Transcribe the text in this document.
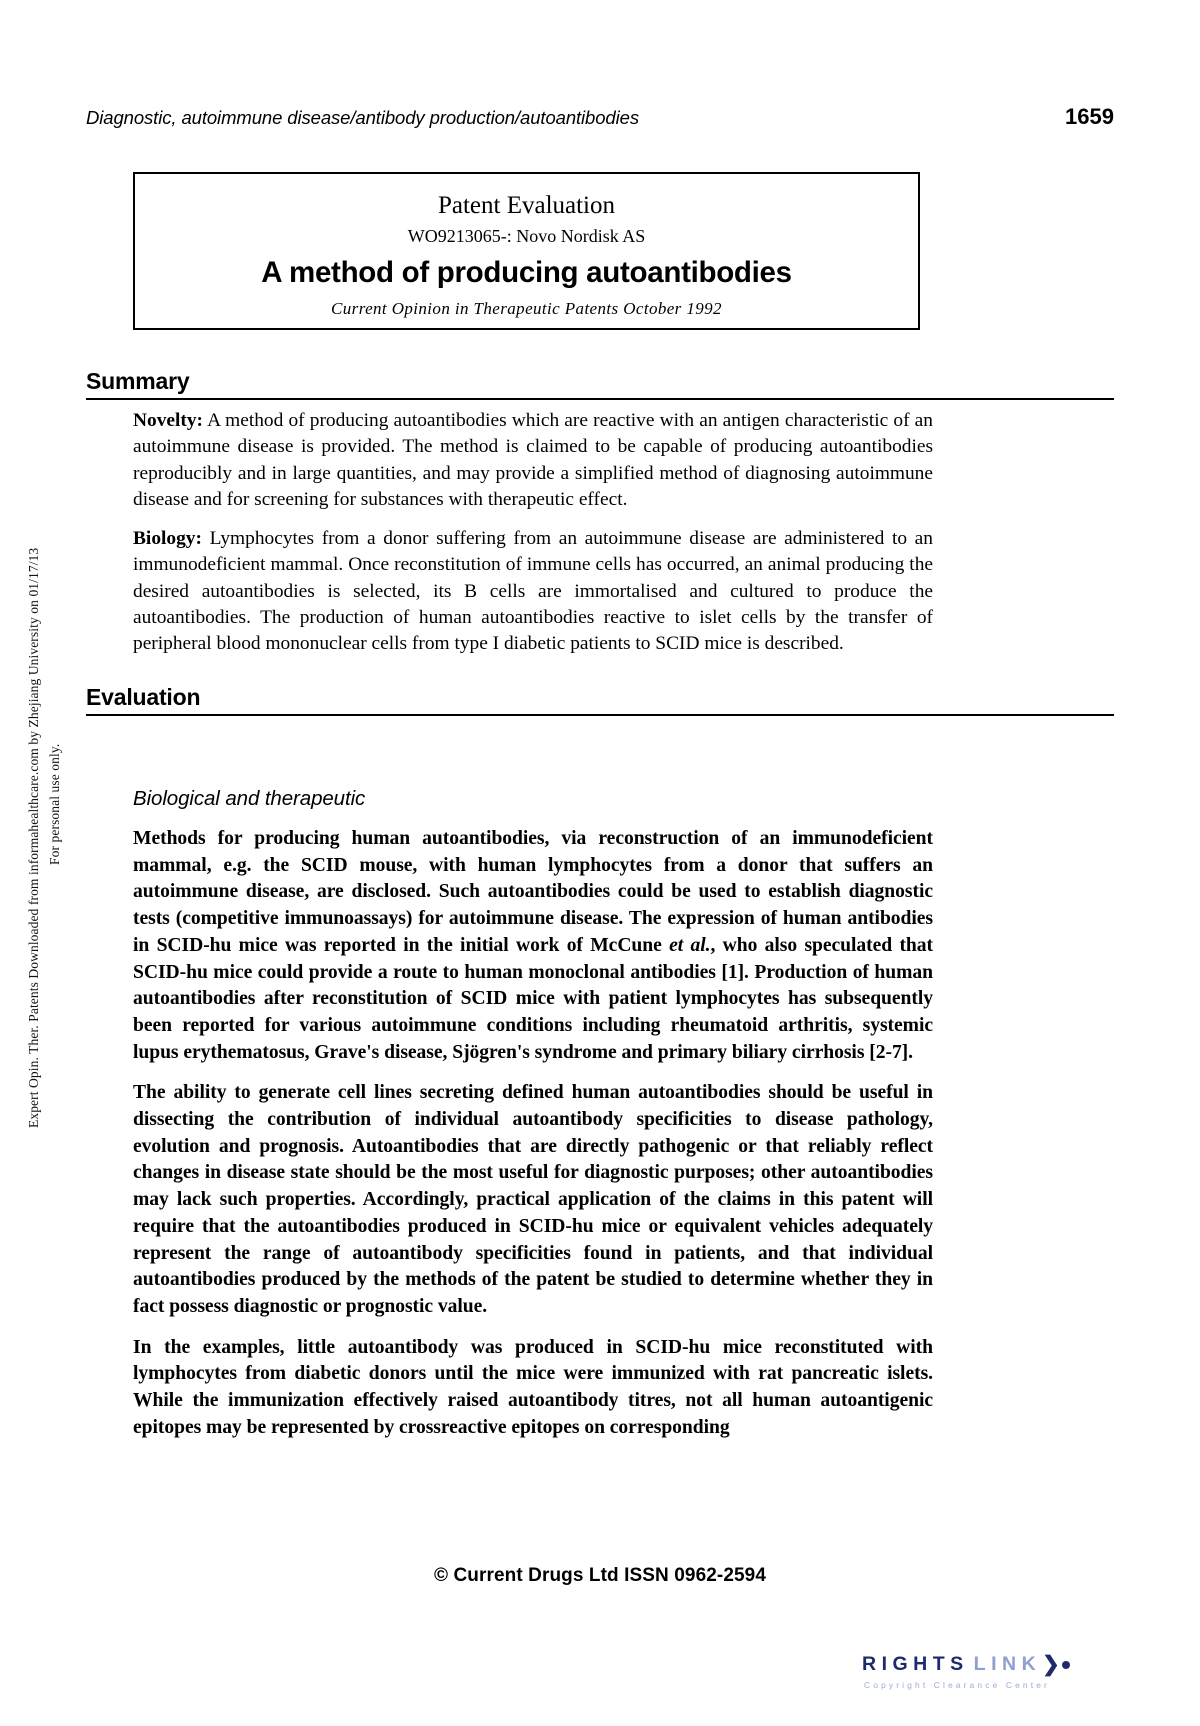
Expert Opin. Ther. Patents Downloaded from informahealthcare.com by Zhejiang University on 01/17/13 For personal use only.
Diagnostic, autoimmune disease/antibody production/autoantibodies	1659
Patent Evaluation
WO9213065-: Novo Nordisk AS
A method of producing autoantibodies
Current Opinion in Therapeutic Patents October 1992
Summary

Novelty: A method of producing autoantibodies which are reactive with an antigen characteristic of an autoimmune disease is provided. The method is claimed to be capable of producing autoantibodies reproducibly and in large quantities, and may provide a simplified method of diagnosing autoimmune disease and for screening for substances with therapeutic effect.

Biology: Lymphocytes from a donor suffering from an autoimmune disease are administered to an immunodeficient mammal. Once reconstitution of immune cells has occurred, an animal producing the desired autoantibodies is selected, its B cells are immortalised and cultured to produce the autoantibodies. The production of human autoantibodies reactive to islet cells by the transfer of peripheral blood mononuclear cells from type I diabetic patients to SCID mice is described.

Evaluation
Biological and therapeutic

Methods for producing human autoantibodies, via reconstruction of an immunodeficient mammal, e.g. the SCID mouse, with human lymphocytes from a donor that suffers an autoimmune disease, are disclosed. Such autoantibodies could be used to establish diagnostic tests (competitive immunoassays) for autoimmune disease. The expression of human antibodies in SCID-hu mice was reported in the initial work of McCune et al., who also speculated that SCID-hu mice could provide a route to human monoclonal antibodies [1]. Production of human autoantibodies after reconstitution of SCID mice with patient lymphocytes has subsequently been reported for various autoimmune conditions including rheumatoid arthritis, systemic lupus erythematosus, Grave's disease, Sjögren's syndrome and primary biliary cirrhosis [2-7].

The ability to generate cell lines secreting defined human autoantibodies should be useful in dissecting the contribution of individual autoantibody specificities to disease pathology, evolution and prognosis. Autoantibodies that are directly pathogenic or that reliably reflect changes in disease state should be the most useful for diagnostic purposes; other autoantibodies may lack such properties. Accordingly, practical application of the claims in this patent will require that the autoantibodies produced in SCID-hu mice or equivalent vehicles adequately represent the range of autoantibody specificities found in patients, and that individual autoantibodies produced by the methods of the patent be studied to determine whether they in fact possess diagnostic or prognostic value.

In the examples, little autoantibody was produced in SCID-hu mice reconstituted with lymphocytes from diabetic donors until the mice were immunized with rat pancreatic islets. While the immunization effectively raised autoantibody titres, not all human autoantigenic epitopes may be represented by crossreactive epitopes on corresponding

© Current Drugs Ltd ISSN 0962-2594
RIGHTS LINK ❯
Copyright Clearance Center
